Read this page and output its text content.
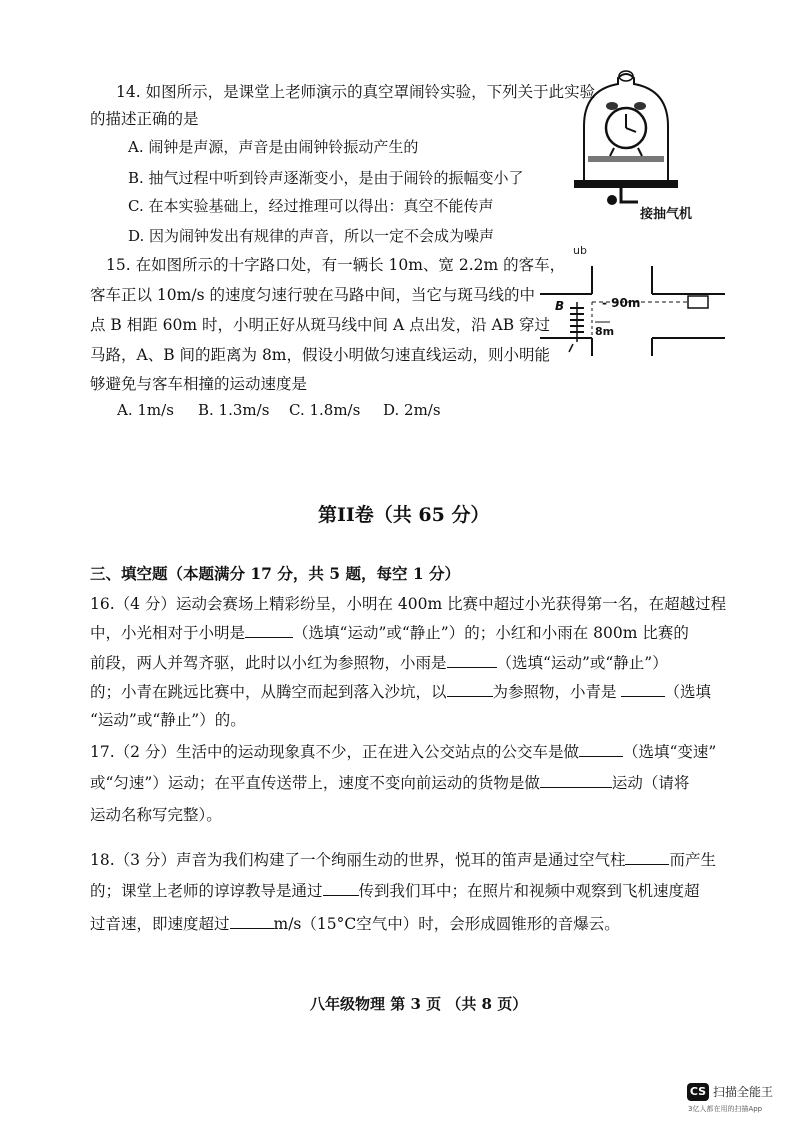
14. 如图所示，是课堂上老师演示的真空罩闹铃实验，下列关于此实验
的描述正确的是
A. 闹钟是声源，声音是由闹钟铃振动产生的
B. 抽气过程中听到铃声逐渐变小，是由于闹铃的振幅变小了
C. 在本实验基础上，经过推理可以得出：真空不能传声
D. 因为闹钟发出有规律的声音，所以一定不会成为噪声
接抽气机
15. 在如图所示的十字路口处，有一辆长 10m、宽 2.2m 的客车，
客车正以 10m/s 的速度匀速行驶在马路中间，当它与斑马线的中
点 B 相距 60m 时，小明正好从斑马线中间 A 点出发，沿 AB 穿过
马路，A、B 间的距离为 8m，假设小明做匀速直线运动，则小明能
够避免与客车相撞的运动速度是
A. 1m/s B. 1.3m/s C. 1.8m/s D. 2m/s
ub
B	- 90m
8m
第II卷（共 65 分）
三、填空题（本题满分 17 分，共 5 题，每空 1 分）
16.（4 分）运动会赛场上精彩纷呈，小明在 400m 比赛中超过小光获得第一名，在超越过程
中，小光相对于小明是	（选填“运动”或“静止”）的；小红和小雨在 800m 比赛的
前段，两人并驾齐驱，此时以小红为参照物，小雨是	（选填“运动”或“静止”）
的；小青在跳远比赛中，从腾空而起到落入沙坑，以	为参照物，小青是	（选填
“运动”或“静止”）的。
17.（2 分）生活中的运动现象真不少，正在进入公交站点的公交车是做	（选填“变速”
或“匀速”）运动；在平直传送带上，速度不变向前运动的货物是做	运动（请将
运动名称写完整）。
18.（3 分）声音为我们构建了一个绚丽生动的世界，悦耳的笛声是通过空气柱	而产生
的；课堂上老师的谆谆教导是通过 传到我们耳中；在照片和视频中观察到飞机速度超
过音速，即速度超过	m/s（15°C空气中）时，会形成圆锥形的音爆云。
八年级物理 第 3 页 （共 8 页）
CS 扫描全能王
3亿人都在用的扫描App
